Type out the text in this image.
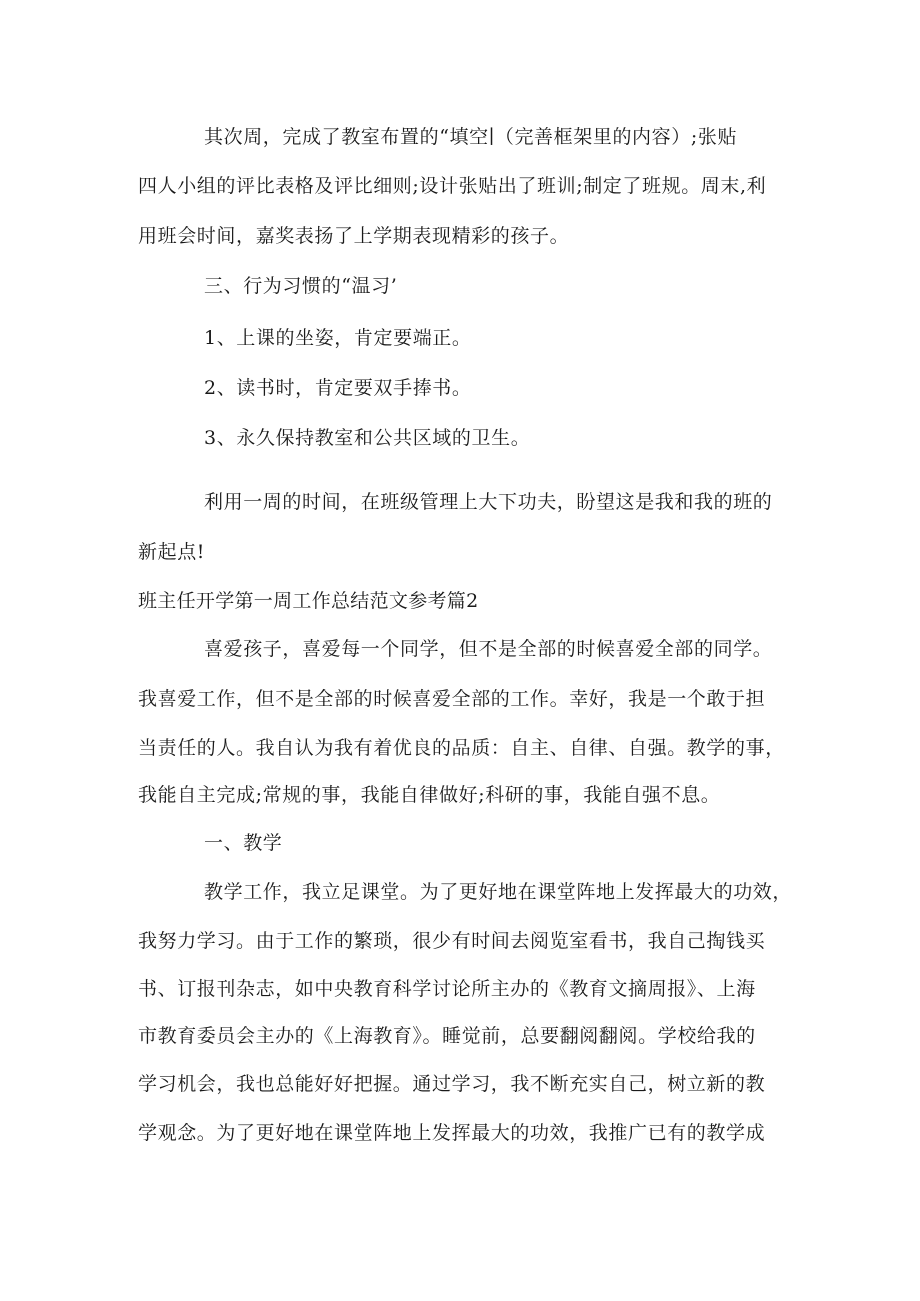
其次周，完成了教室布置的“填空∣（完善框架里的内容）;张贴
四人小组的评比表格及评比细则;设计张贴出了班训;制定了班规。周末,利
用班会时间，嘉奖表扬了上学期表现精彩的孩子。
三、行为习惯的“温习’
1、上课的坐姿，肯定要端正。
2、读书时，肯定要双手捧书。
3、永久保持教室和公共区域的卫生。
利用一周的时间，在班级管理上大下功夫，盼望这是我和我的班的
新起点!
班主任开学第一周工作总结范文参考篇2
喜爱孩子，喜爱每一个同学，但不是全部的时候喜爱全部的同学。
我喜爱工作，但不是全部的时候喜爱全部的工作。幸好，我是一个敢于担
当责任的人。我自认为我有着优良的品质：自主、自律、自强。教学的事，
我能自主完成;常规的事，我能自律做好;科研的事，我能自强不息。
一、教学
教学工作，我立足课堂。为了更好地在课堂阵地上发挥最大的功效，
我努力学习。由于工作的繁琐，很少有时间去阅览室看书，我自己掏钱买
书、订报刊杂志，如中央教育科学讨论所主办的《教育文摘周报》、上海
市教育委员会主办的《上海教育》。睡觉前，总要翻阅翻阅。学校给我的
学习机会，我也总能好好把握。通过学习，我不断充实自己，树立新的教
学观念。为了更好地在课堂阵地上发挥最大的功效，我推广已有的教学成
